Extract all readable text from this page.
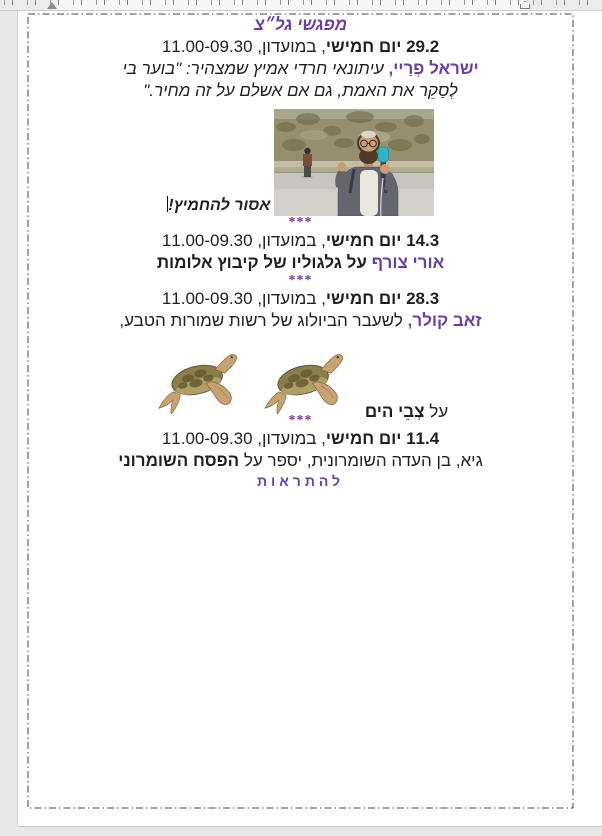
מפגשי גל״צ

29.2 יום חמישי, במועדון, 11.00-09.30

ישראל פְרַיי, עיתונאי חרדי אמיץ שמצהיר: "בוער בי

לְסַקֵר את האמת, גם אם אשלם על זה מחיר."

אסור להחמיץ!

***

14.3 יום חמישי, במועדון, 11.00-09.30

אורי צורף על גלגוליו של קיבוץ אלומות

***

28.3 יום חמישי, במועדון, 11.00-09.30

זאב קולר, לשעבר הביולוג של רשות שמורות הטבע,

על צְבֵי הים

***

11.4 יום חמישי, במועדון, 11.00-09.30

גיא, בן העדה השומרונית, יספר על הפסח השומרוני

להתראות
